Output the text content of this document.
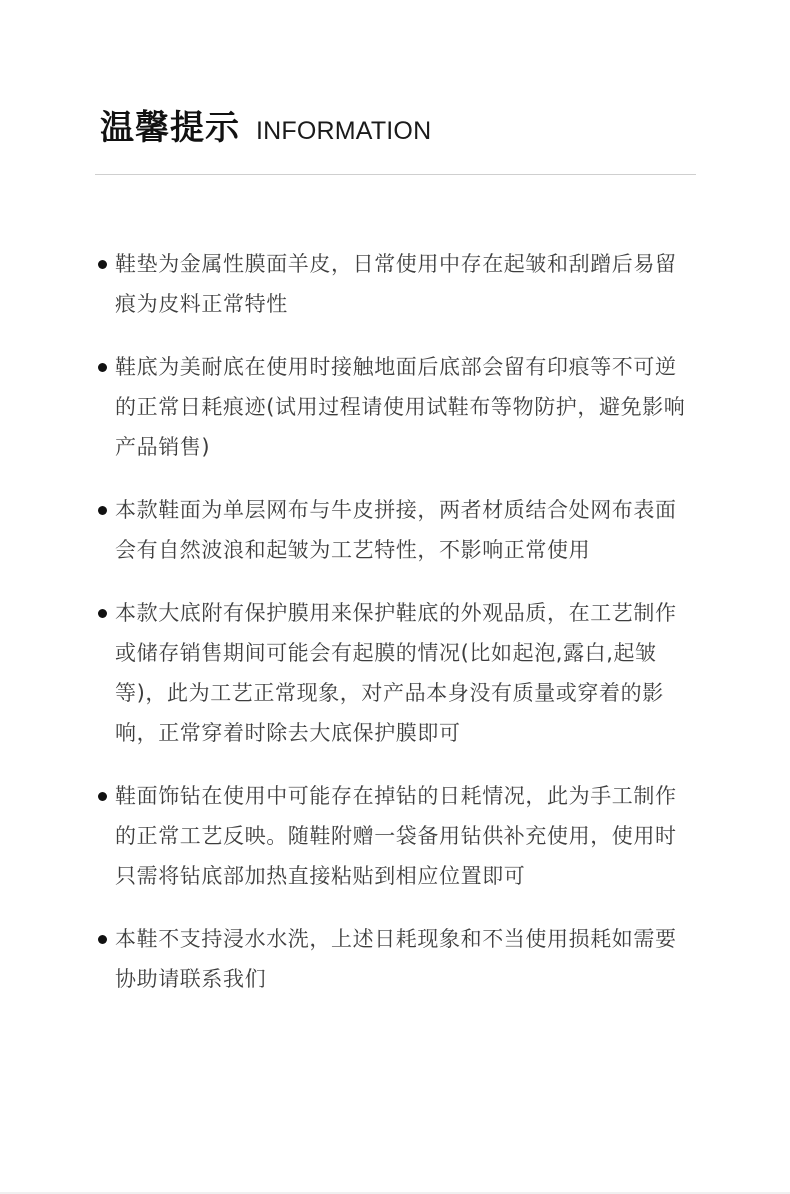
温馨提示 INFORMATION
鞋垫为金属性膜面羊皮，日常使用中存在起皱和刮蹭后易留痕为皮料正常特性
鞋底为美耐底在使用时接触地面后底部会留有印痕等不可逆的正常日耗痕迹(试用过程请使用试鞋布等物防护，避免影响产品销售)
本款鞋面为单层网布与牛皮拼接，两者材质结合处网布表面会有自然波浪和起皱为工艺特性，不影响正常使用
本款大底附有保护膜用来保护鞋底的外观品质，在工艺制作或储存销售期间可能会有起膜的情况(比如起泡,露白,起皱等)，此为工艺正常现象，对产品本身没有质量或穿着的影响，正常穿着时除去大底保护膜即可
鞋面饰钻在使用中可能存在掉钻的日耗情况，此为手工制作的正常工艺反映。随鞋附赠一袋备用钻供补充使用，使用时只需将钻底部加热直接粘贴到相应位置即可
本鞋不支持浸水水洗，上述日耗现象和不当使用损耗如需要协助请联系我们
